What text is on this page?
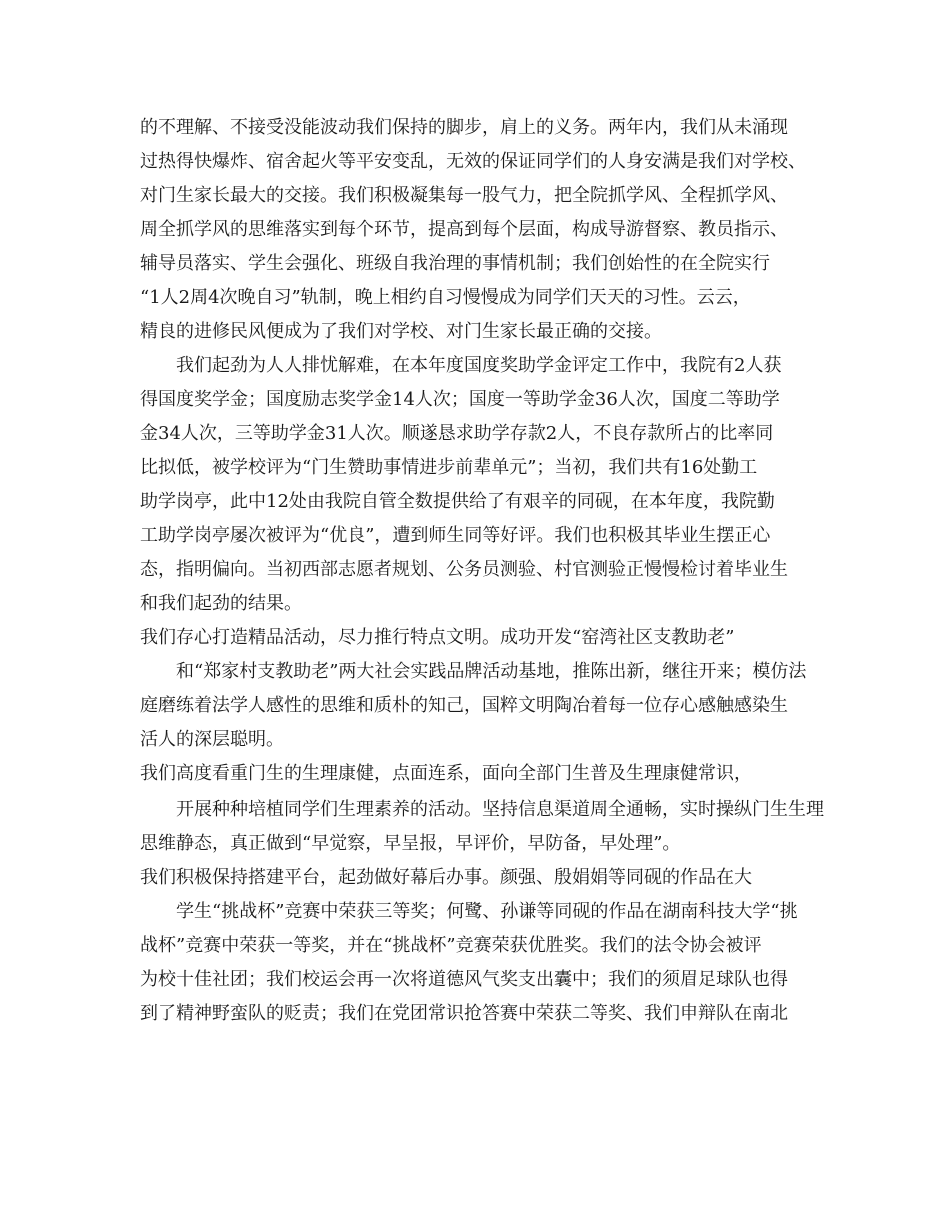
的不理解、不接受没能波动我们保持的脚步，肩上的义务。两年内，我们从未涌现
过热得快爆炸、宿舍起火等平安变乱，无效的保证同学们的人身安满是我们对学校、
对门生家长最大的交接。我们积极凝集每一股气力，把全院抓学风、全程抓学风、
周全抓学风的思维落实到每个环节，提高到每个层面，构成导游督察、教员指示、
辅导员落实、学生会强化、班级自我治理的事情机制；我们创始性的在全院实行
“1人2周4次晚自习”轨制，晚上相约自习慢慢成为同学们天天的习性。云云，
精良的进修民风便成为了我们对学校、对门生家长最正确的交接。
我们起劲为人人排忧解难，在本年度国度奖助学金评定工作中，我院有2人获
得国度奖学金；国度励志奖学金14人次；国度一等助学金36人次，国度二等助学
金34人次，三等助学金31人次。顺遂恳求助学存款2人，不良存款所占的比率同
比拟低，被学校评为“门生赞助事情进步前辈单元”；当初，我们共有16处勤工
助学岗亭，此中12处由我院自管全数提供给了有艰辛的同砚，在本年度，我院勤
工助学岗亭屡次被评为“优良”，遭到师生同等好评。我们也积极其毕业生摆正心
态，指明偏向。当初西部志愿者规划、公务员测验、村官测验正慢慢检讨着毕业生
和我们起劲的结果。
我们存心打造精品活动，尽力推行特点文明。成功开发“窑湾社区支教助老”
和“郑家村支教助老”两大社会实践品牌活动基地，推陈出新，继往开来；模仿法
庭磨练着法学人感性的思维和质朴的知己，国粹文明陶冶着每一位存心感触感染生
活人的深层聪明。
我们高度看重门生的生理康健，点面连系，面向全部门生普及生理康健常识，
开展种种培植同学们生理素养的活动。坚持信息渠道周全通畅，实时操纵门生生理
思维静态，真正做到“早觉察，早呈报，早评价，早防备，早处理”。
我们积极保持搭建平台，起劲做好幕后办事。颜强、殷娟娟等同砚的作品在大
学生“挑战杯”竞赛中荣获三等奖；何鹭、孙谦等同砚的作品在湖南科技大学“挑
战杯”竞赛中荣获一等奖，并在“挑战杯”竞赛荣获优胜奖。我们的法令协会被评
为校十佳社团；我们校运会再一次将道德风气奖支出囊中；我们的须眉足球队也得
到了精神野蛮队的贬责；我们在党团常识抢答赛中荣获二等奖、我们申辩队在南北
